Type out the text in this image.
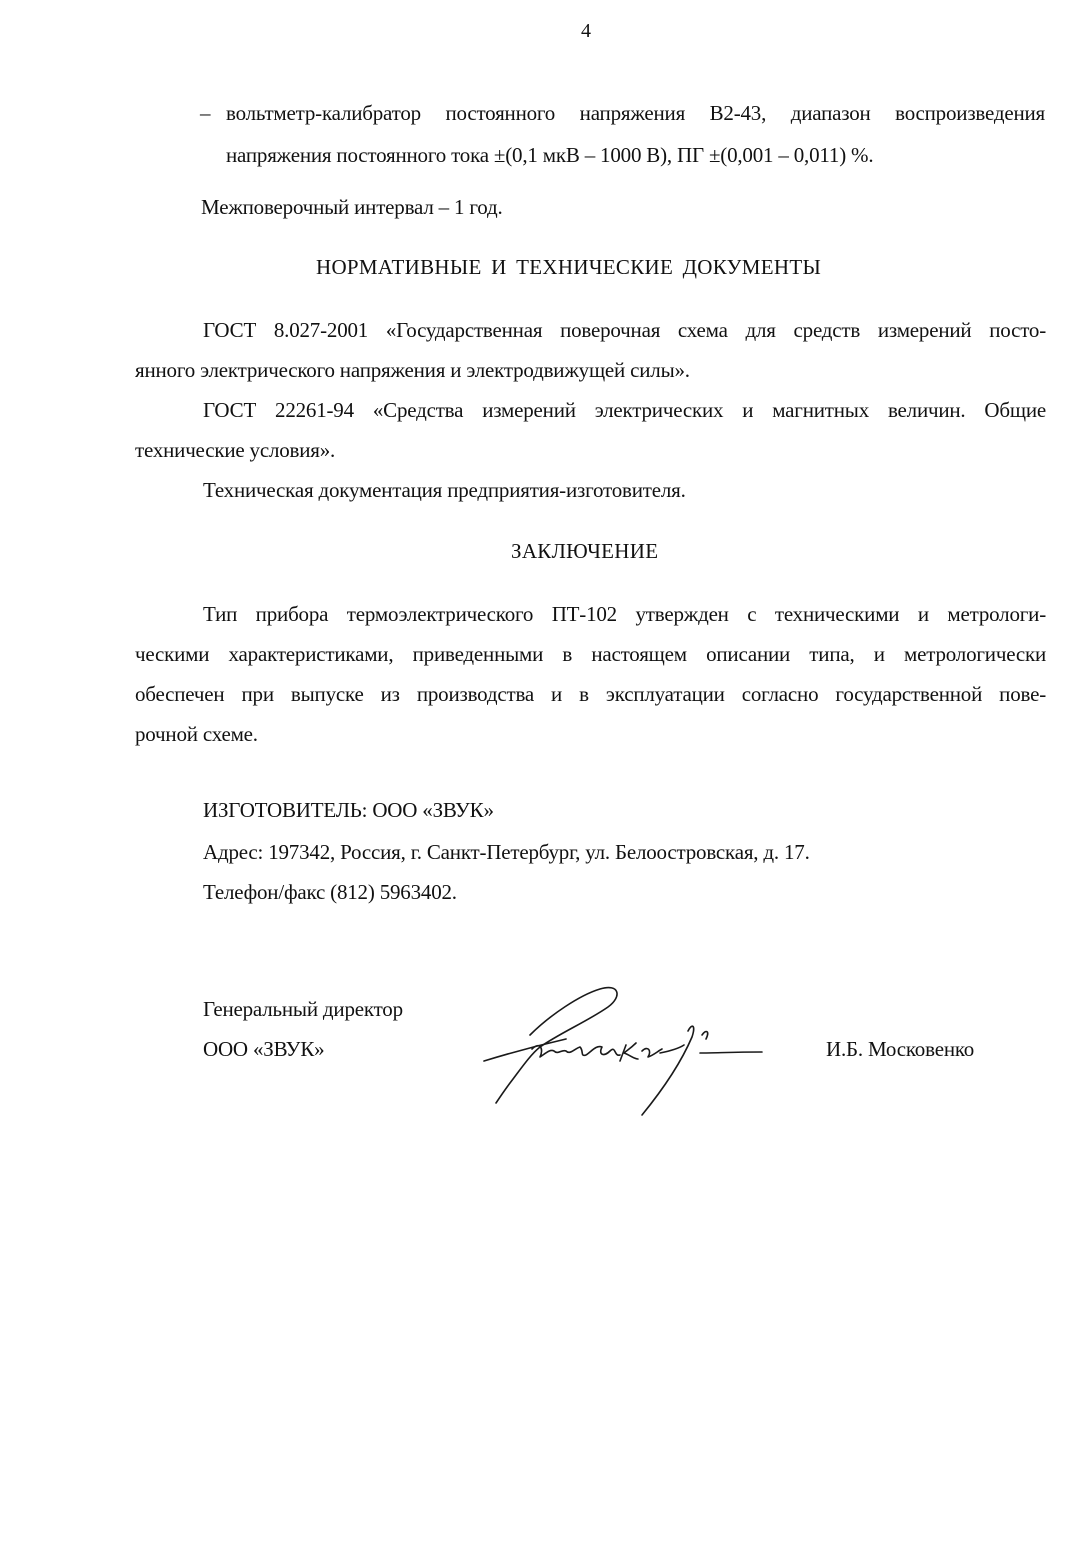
4
– вольтметр-калибратор постоянного напряжения В2-43, диапазон воспроизведения
напряжения постоянного тока ±(0,1 мкВ – 1000 В), ПГ ±(0,001 – 0,011) %.
Межповерочный интервал – 1 год.
НОРМАТИВНЫЕ И ТЕХНИЧЕСКИЕ ДОКУМЕНТЫ
ГОСТ 8.027-2001 «Государственная поверочная схема для средств измерений посто-
янного электрического напряжения и электродвижущей силы».
ГОСТ 22261-94 «Средства измерений электрических и магнитных величин. Общие
технические условия».
Техническая документация предприятия-изготовителя.
ЗАКЛЮЧЕНИЕ
Тип прибора термоэлектрического ПТ-102 утвержден с техническими и метрологи-
ческими характеристиками, приведенными в настоящем описании типа, и метрологически
обеспечен при выпуске из производства и в эксплуатации согласно государственной пове-
рочной схеме.
ИЗГОТОВИТЕЛЬ: ООО «ЗВУК»
Адрес: 197342, Россия, г. Санкт-Петербург, ул. Белоостровская, д. 17.
Телефон/факс (812) 5963402.
Генеральный директор
ООО «ЗВУК»	И.Б. Московенко
